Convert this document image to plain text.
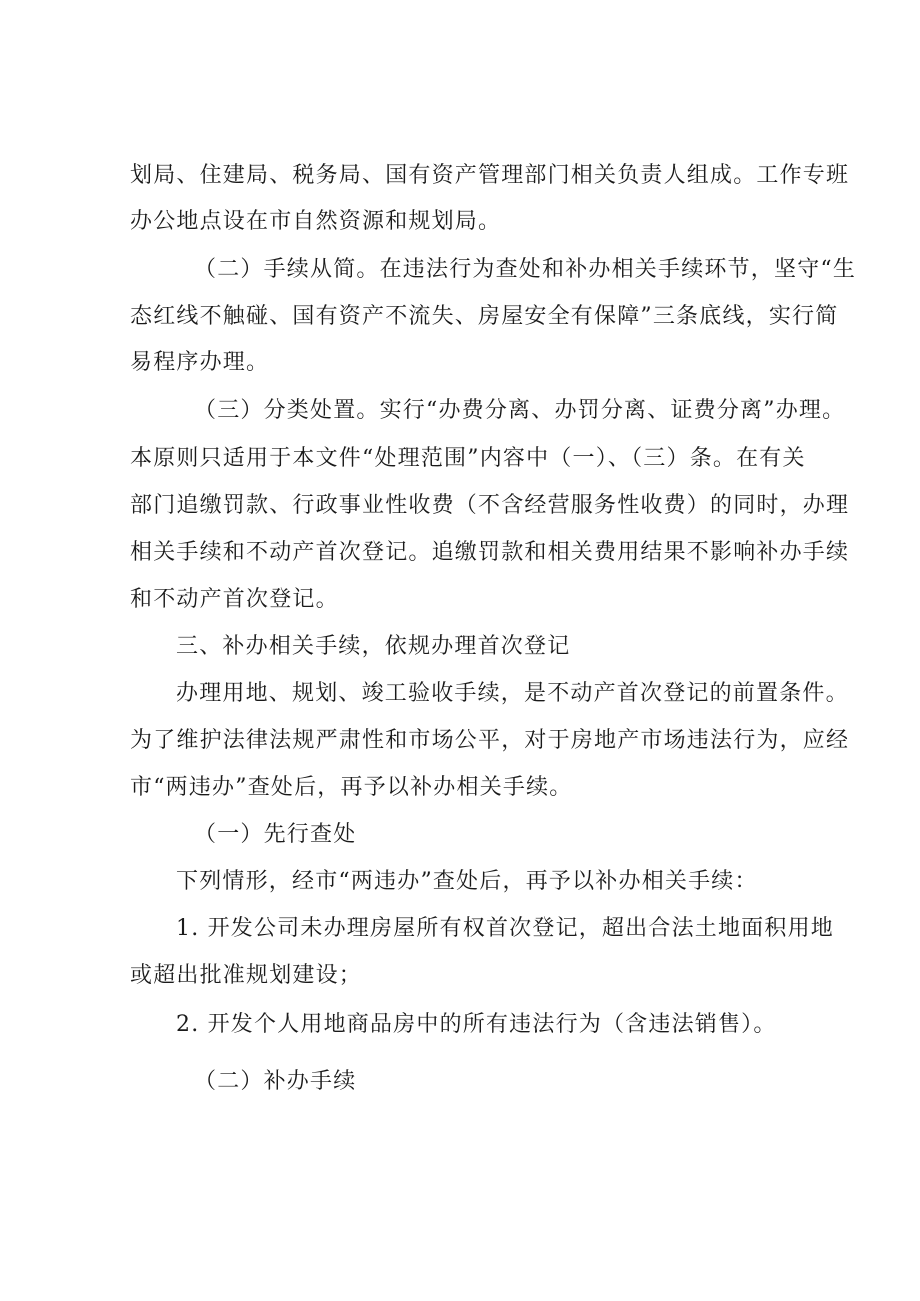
划局、住建局、税务局、国有资产管理部门相关负责人组成。工作专班
办公地点设在市自然资源和规划局。
（二）手续从简。在违法行为查处和补办相关手续环节，坚守“生
态红线不触碰、国有资产不流失、房屋安全有保障”三条底线，实行简
易程序办理。
（三）分类处置。实行“办费分离、办罚分离、证费分离”办理。
本原则只适用于本文件“处理范围”内容中（一）、（三）条。在有关
部门追缴罚款、行政事业性收费（不含经营服务性收费）的同时，办理
相关手续和不动产首次登记。追缴罚款和相关费用结果不影响补办手续
和不动产首次登记。
三、补办相关手续，依规办理首次登记
办理用地、规划、竣工验收手续，是不动产首次登记的前置条件。
为了维护法律法规严肃性和市场公平，对于房地产市场违法行为，应经
市“两违办”查处后，再予以补办相关手续。
（一）先行查处
下列情形，经市“两违办”查处后，再予以补办相关手续：
1. 开发公司未办理房屋所有权首次登记，超出合法土地面积用地
或超出批准规划建设；
2. 开发个人用地商品房中的所有违法行为（含违法销售）。
（二）补办手续
